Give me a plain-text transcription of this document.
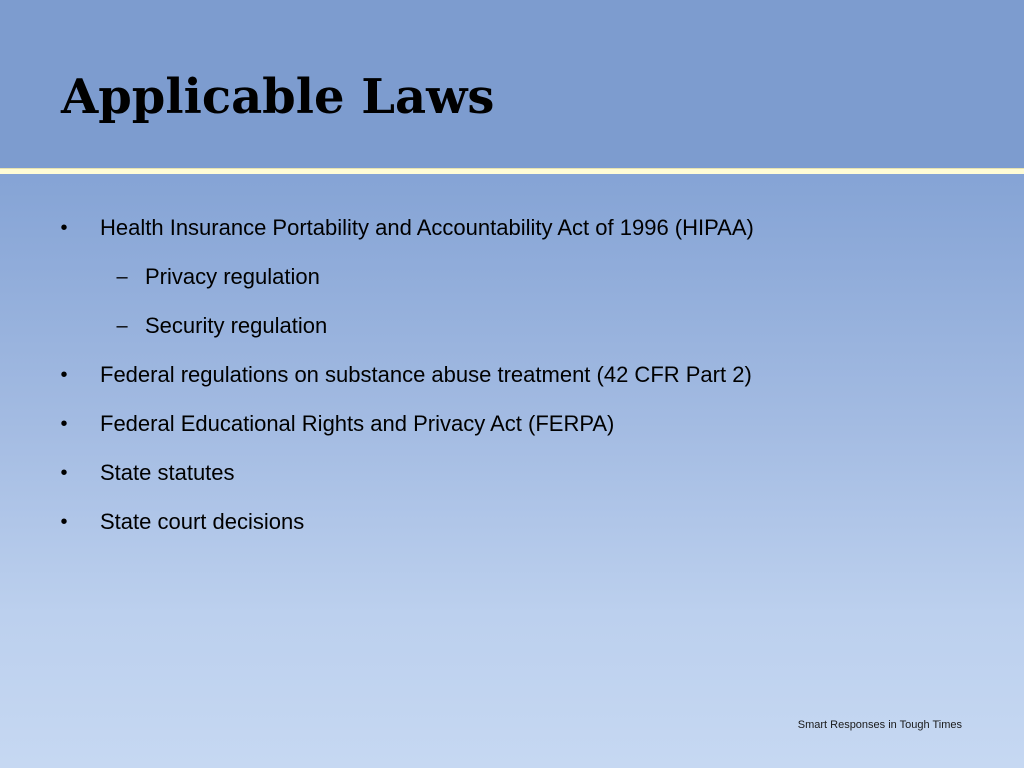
Applicable Laws
• Health Insurance Portability and Accountability Act of 1996 (HIPAA)
– Privacy regulation
– Security regulation
• Federal regulations on substance abuse treatment (42 CFR Part 2)
• Federal Educational Rights and Privacy Act (FERPA)
• State statutes
• State court decisions
Smart Responses in Tough Times
